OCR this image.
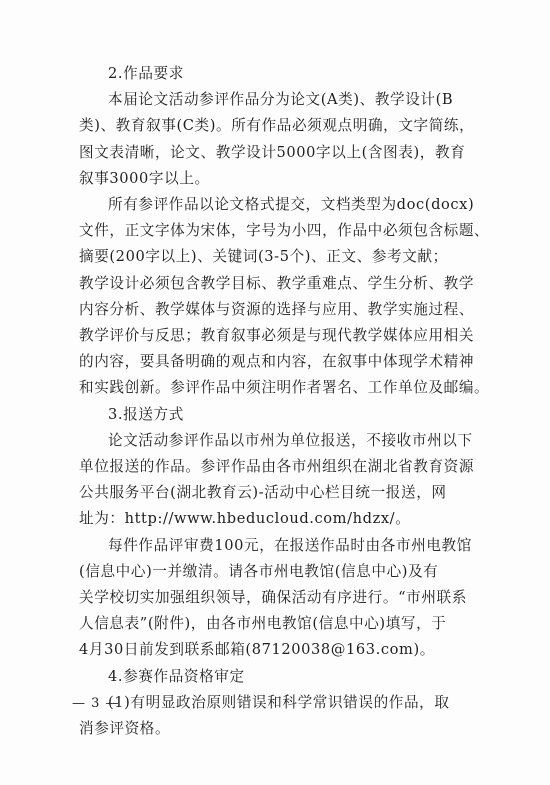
2.作品要求
本届论文活动参评作品分为论文(A类)、教学设计(B
类)、教育叙事(C类)。所有作品必须观点明确，文字简练，
图文表清晰，论文、教学设计5000字以上(含图表)，教育
叙事3000字以上。
所有参评作品以论文格式提交，文档类型为doc(docx)
文件，正文字体为宋体，字号为小四，作品中必须包含标题、
摘要(200字以上)、关键词(3-5个)、正文、参考文献；
教学设计必须包含教学目标、教学重难点、学生分析、教学
内容分析、教学媒体与资源的选择与应用、教学实施过程、
教学评价与反思；教育叙事必须是与现代教学媒体应用相关
的内容，要具备明确的观点和内容，在叙事中体现学术精神
和实践创新。参评作品中须注明作者署名、工作单位及邮编。
3.报送方式
论文活动参评作品以市州为单位报送，不接收市州以下
单位报送的作品。参评作品由各市州组织在湖北省教育资源
公共服务平台(湖北教育云)-活动中心栏目统一报送，网
址为：http://www.hbeducloud.com/hdzx/。
每件作品评审费100元，在报送作品时由各市州电教馆
(信息中心)一并缴清。请各市州电教馆(信息中心)及有
关学校切实加强组织领导，确保活动有序进行。“市州联系
人信息表”(附件)，由各市州电教馆(信息中心)填写，于
4月30日前发到联系邮箱(87120038@163.com)。
4.参赛作品资格审定
(1)有明显政治原则错误和科学常识错误的作品，取
消参评资格。
— 3 —
